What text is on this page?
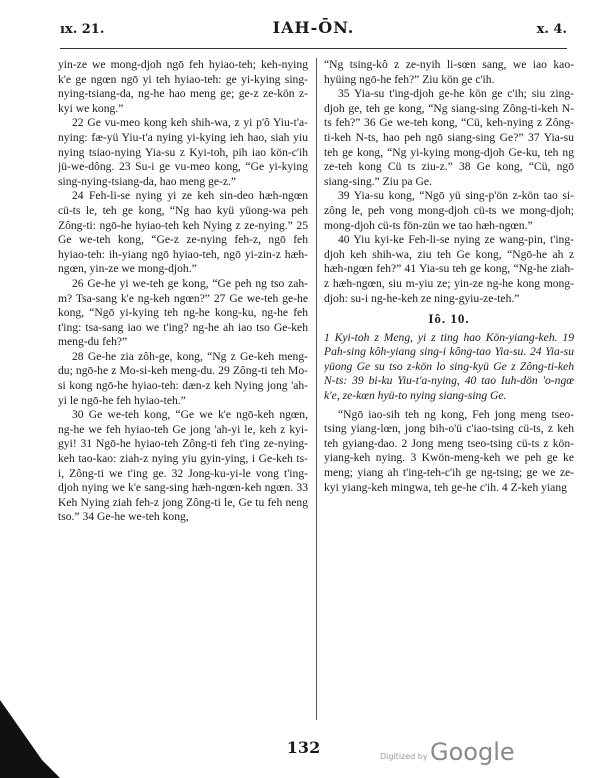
ıx. 21.	IAH-ŌN.	x. 4.

yin-ze we mong-djoh ngō feh hyiao-teh; keh-nying k'e ge ngœn ngō yi teh hyiao-teh: ge yi-kying sing-nying-tsiang-da, ng-he hao meng ge; ge-z ze-kön z-kyi we kong.”

22 Ge vu-meo kong keh shih-wa, z yi p'ô Yiu-t'a-nying: fæ-yü Yiu-t'a nying yi-kying ieh hao, siah yiu nying tsiao-nying Yia-su z Kyi-toh, pih iao kön-c'ih jü-we-dông. 23 Su-i ge vu-meo kong, “Ge yi-kying sing-nying-tsiang-da, hao meng ge-z.”

24 Feh-li-se nying yi ze keh sin-deo hæh-ngœn cü-ts le, teh ge kong, “Ng hao kyü yüong-wa peh Zông-ti: ngō-he hyiao-teh keh Nying z ze-nying.” 25 Ge we-teh kong, “Ge-z ze-nying feh-z, ngō feh hyiao-teh: ih-yiang ngō hyiao-teh, ngō yi-zin-z hæh-ngœn, yin-ze we mong-djoh.”

26 Ge-he yi we-teh ge kong, “Ge peh ng tso zah-m? Tsa-sang k'e ng-keh ngœn?” 27 Ge we-teh ge-he kong, “Ngō yi-kying teh ng-he kong-ku, ng-he feh t'ing: tsa-sang iao we t'ing? ng-he ah iao tso Ge-keh meng-du feh?”

28 Ge-he zia zôh-ge, kong, “Ng z Ge-keh meng-du; ngō-he z Mo-si-keh meng-du. 29 Zông-ti teh Mo-si kong ngō-he hyiao-teh: dæn-z keh Nying jong 'ah-yi le ngō-he feh hyiao-teh.”

30 Ge we-teh kong, “Ge we k'e ngō-keh ngœn, ng-he we feh hyiao-teh Ge jong 'ah-yi le, keh z kyi-gyi! 31 Ngō-he hyiao-teh Zông-ti feh t'ing ze-nying-keh tao-kao: ziah-z nying yiu gyin-ying, i Ge-keh ts-i, Zông-ti we t'ing ge. 32 Jong-ku-yi-le vong t'ing-djoh nying we k'e sang-sing hæh-ngœn-keh ngœn. 33 Keh Nying ziah feh-z jong Zông-ti le, Ge tu feh neng tso.” 34 Ge-he we-teh kong,

“Ng tsing-kô z ze-nyih li-sœn sang, we iao kao-hyüing ngō-he feh?” Ziu kön ge c'ih.

35 Yia-su t'ing-djoh ge-he kön ge c'ih; siu zing-djoh ge, teh ge kong, “Ng siang-sing Zông-ti-keh N-ts feh?” 36 Ge we-teh kong, “Cü, keh-nying z Zông-ti-keh N-ts, hao peh ngō siang-sing Ge?” 37 Yia-su teh ge kong, “Ng yi-kying mong-djoh Ge-ku, teh ng ze-teh kong Cü ts ziu-z.” 38 Ge kong, “Cü, ngō siang-sing.” Ziu pa Ge.

39 Yia-su kong, “Ngō yü sing-p'ön z-kön tao si-zông le, peh vong mong-djoh cü-ts we mong-djoh; mong-djoh cü-ts fön-zün we tao hæh-ngœn.”

40 Yiu kyi-ke Feh-li-se nying ze wang-pin, t'ing-djoh keh shih-wa, ziu teh Ge kong, “Ngō-he ah z hæh-ngœn feh?” 41 Yia-su teh ge kong, “Ng-he ziah-z hæh-ngœn, siu m-yiu ze; yin-ze ng-he kong mong-djoh: su-i ng-he-keh ze ning-gyiu-ze-teh.”

Iô. 10.

1 Kyi-toh z Meng, yi z ting hao Kön-yiang-keh. 19 Pah-sing kôh-yiang sing-i kông-tao Yia-su. 24 Yia-su yüong Ge su tso z-kön lo sing-kyü Ge z Zông-ti-keh N-ts: 39 bi-ku Yiu-t'a-nying, 40 tao Iuh-dön 'o-ngœ k'e, ze-kœn hyü-to nying siang-sing Ge.

“Ngō iao-sih teh ng kong, Feh jong meng tseo-tsing yiang-lœn, jong bih-o'ü c'iao-tsing cü-ts, z keh teh gyiang-dao. 2 Jong meng tseo-tsing cü-ts z kön-yiang-keh nying. 3 Kwön-meng-keh we peh ge ke meng; yiang ah t'ing-teh-c'ih ge ng-tsing; ge we ze-kyi yiang-keh mingwa, teh ge-he c'ih. 4 Z-keh yiang

132	Digitized by Google
